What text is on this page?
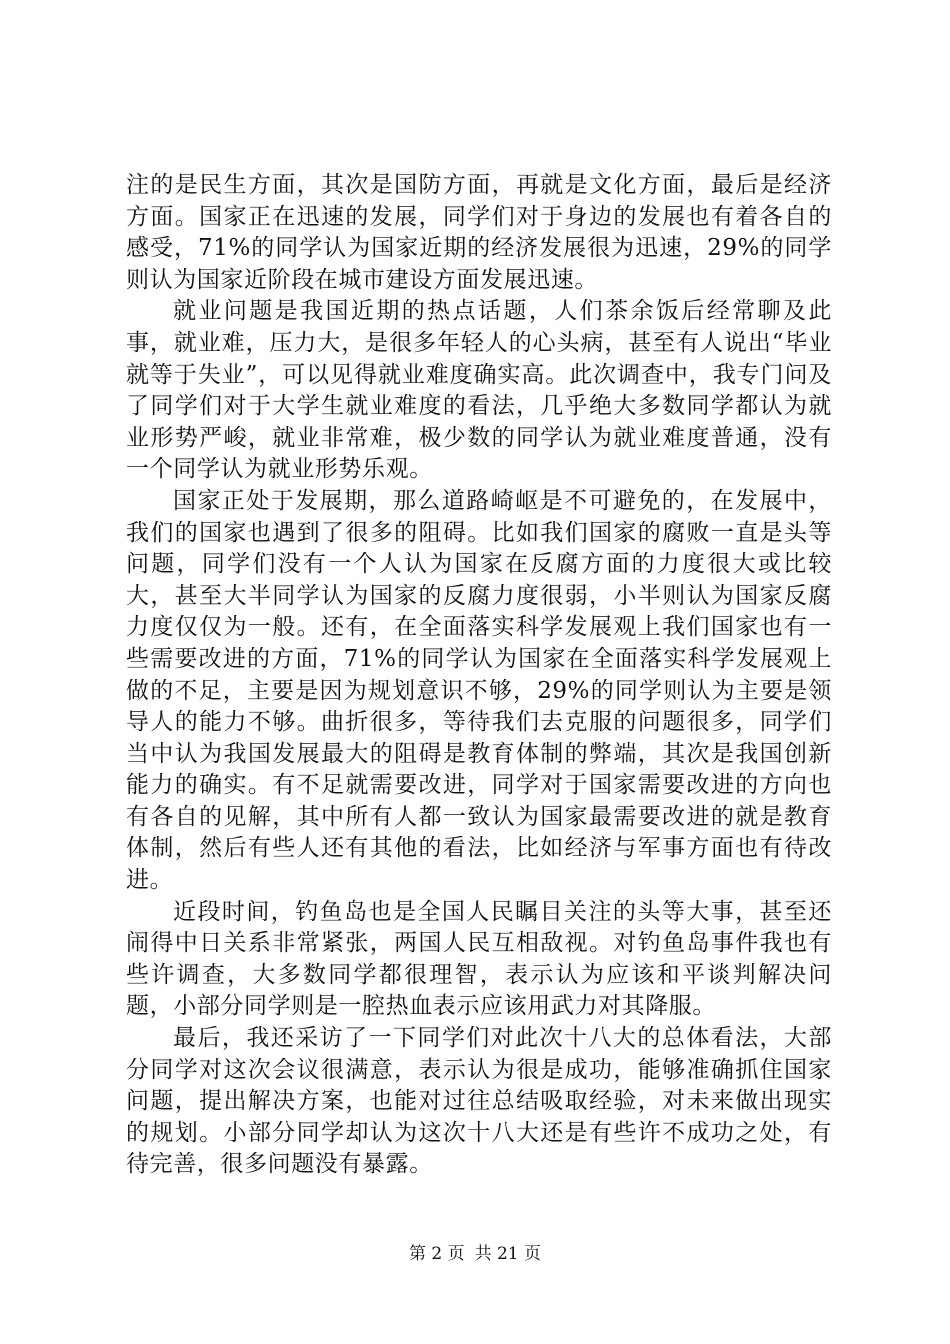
注的是民生方面，其次是国防方面，再就是文化方面，最后是经济方面。国家正在迅速的发展，同学们对于身边的发展也有着各自的感受，71%的同学认为国家近期的经济发展很为迅速，29%的同学则认为国家近阶段在城市建设方面发展迅速。

就业问题是我国近期的热点话题，人们茶余饭后经常聊及此事，就业难，压力大，是很多年轻人的心头病，甚至有人说出“毕业就等于失业”，可以见得就业难度确实高。此次调查中，我专门问及了同学们对于大学生就业难度的看法，几乎绝大多数同学都认为就业形势严峻，就业非常难，极少数的同学认为就业难度普通，没有一个同学认为就业形势乐观。

国家正处于发展期，那么道路崎岖是不可避免的，在发展中，我们的国家也遇到了很多的阻碍。比如我们国家的腐败一直是头等问题，同学们没有一个人认为国家在反腐方面的力度很大或比较大，甚至大半同学认为国家的反腐力度很弱，小半则认为国家反腐力度仅仅为一般。还有，在全面落实科学发展观上我们国家也有一些需要改进的方面，71%的同学认为国家在全面落实科学发展观上做的不足，主要是因为规划意识不够，29%的同学则认为主要是领导人的能力不够。曲折很多，等待我们去克服的问题很多，同学们当中认为我国发展最大的阻碍是教育体制的弊端，其次是我国创新能力的确实。有不足就需要改进，同学对于国家需要改进的方向也有各自的见解，其中所有人都一致认为国家最需要改进的就是教育体制，然后有些人还有其他的看法，比如经济与军事方面也有待改进。

近段时间，钓鱼岛也是全国人民瞩目关注的头等大事，甚至还闹得中日关系非常紧张，两国人民互相敌视。对钓鱼岛事件我也有些许调查，大多数同学都很理智，表示认为应该和平谈判解决问题，小部分同学则是一腔热血表示应该用武力对其降服。

最后，我还采访了一下同学们对此次十八大的总体看法，大部分同学对这次会议很满意，表示认为很是成功，能够准确抓住国家问题，提出解决方案，也能对过往总结吸取经验，对未来做出现实的规划。小部分同学却认为这次十八大还是有些许不成功之处，有待完善，很多问题没有暴露。

第 2 页 共 21 页
